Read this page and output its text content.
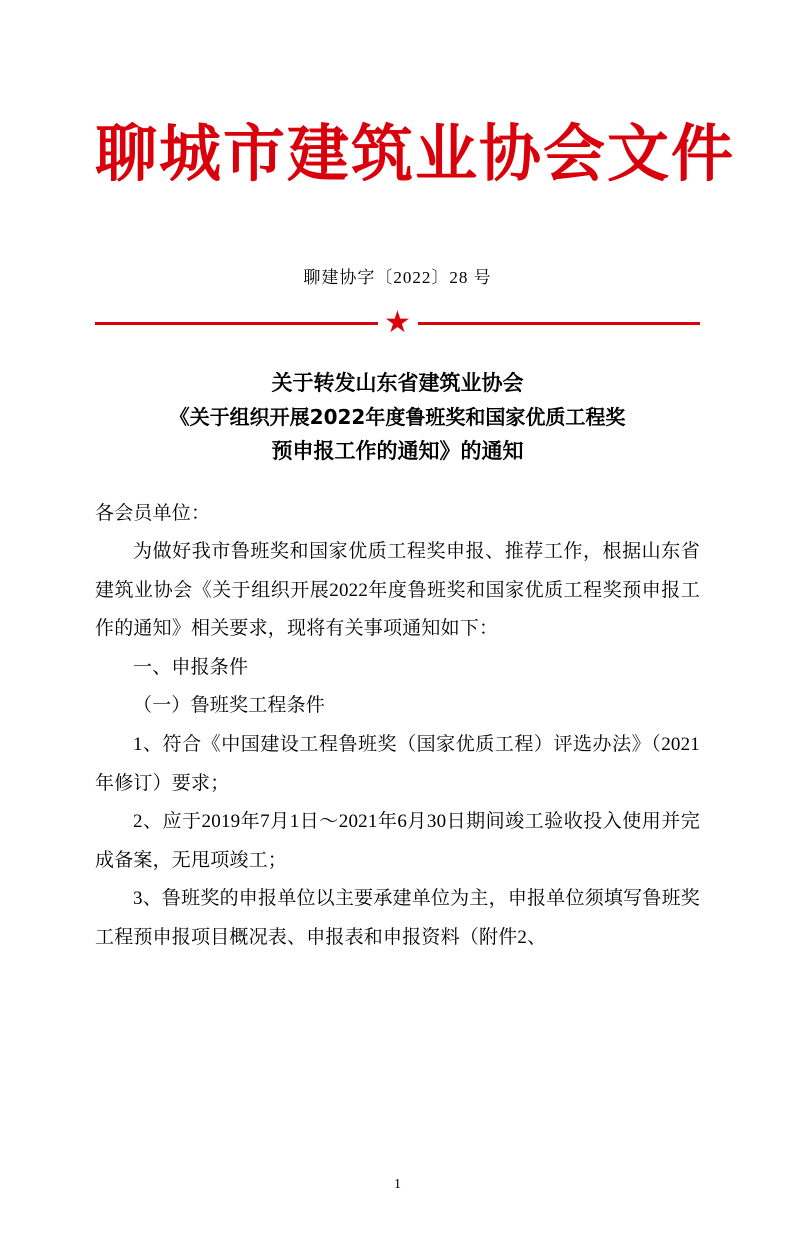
聊城市建筑业协会文件
聊建协字〔2022〕28 号
★
关于转发山东省建筑业协会
《关于组织开展2022年度鲁班奖和国家优质工程奖
预申报工作的通知》的通知

各会员单位：

为做好我市鲁班奖和国家优质工程奖申报、推荐工作，根据山东省建筑业协会《关于组织开展2022年度鲁班奖和国家优质工程奖预申报工作的通知》相关要求，现将有关事项通知如下：

一、申报条件

（一）鲁班奖工程条件

1、符合《中国建设工程鲁班奖（国家优质工程）评选办法》（2021年修订）要求；

2、应于2019年7月1日～2021年6月30日期间竣工验收投入使用并完成备案，无甩项竣工；

3、鲁班奖的申报单位以主要承建单位为主，申报单位须填写鲁班奖工程预申报项目概况表、申报表和申报资料（附件2、

1
